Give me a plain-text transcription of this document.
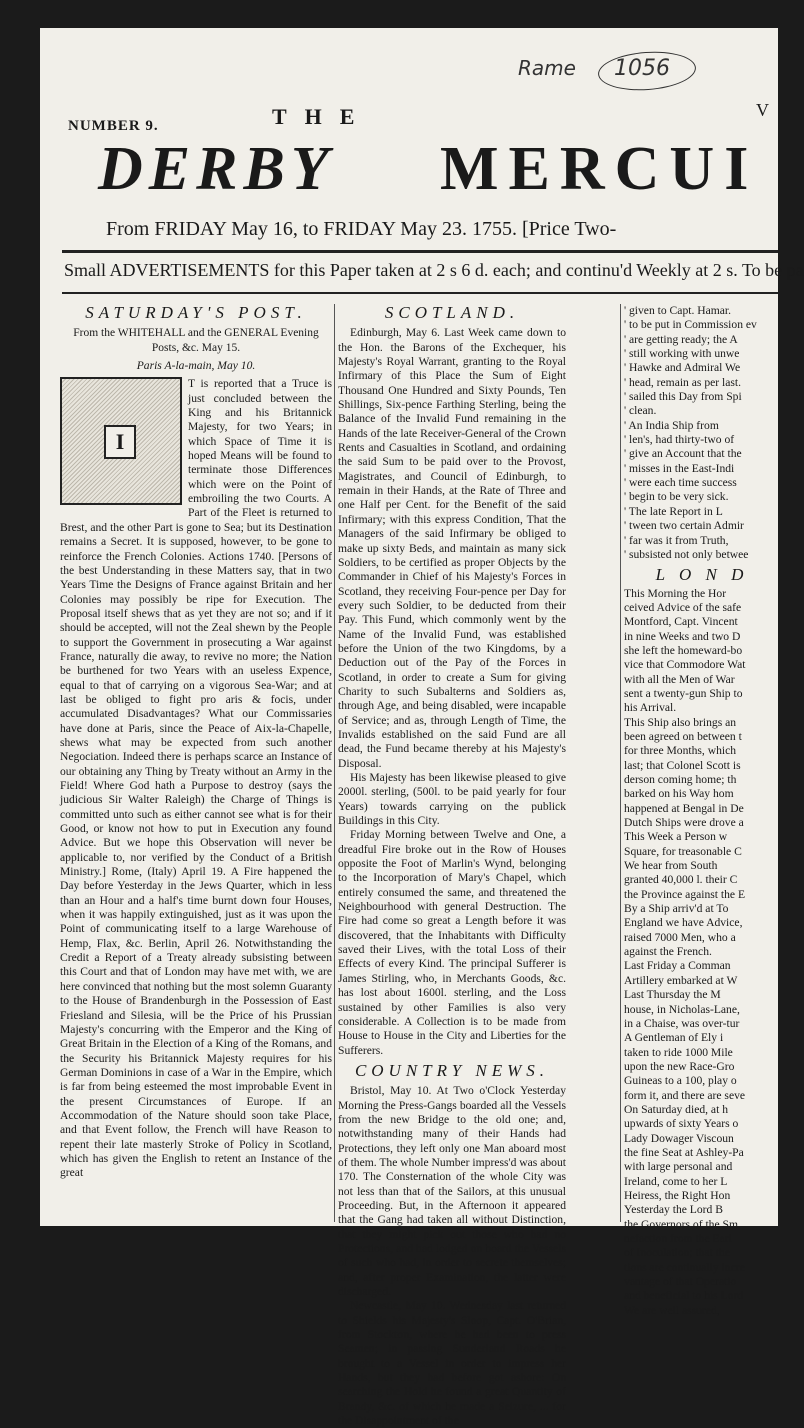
Rame 1056
NUMBER 9.	THE	V
DERBY MERCUI
From FRIDAY May 16, to FRIDAY May 23. 1755. [Price Two-
Small ADVERTISEMENTS for this Paper taken at 2 s 6 d. each; and continu'd Weekly at 2 s. To be pa
SATURDAY'S POST.
From the WHITEHALL and the GENERAL Evening Posts, &c. May 15.
Paris A-la-main, May 10.
I

T is reported that a Truce is just concluded between the King and his Britannick Majesty, for two Years; in which Space of Time it is hoped Means will be found to terminate those Differences which were on the Point of embroiling the two Courts. A Part of the Fleet is returned to Brest, and the other Part is gone to Sea; but its Destination remains a Secret. It is supposed, however, to be gone to reinforce the French Colonies. Actions 1740. [Persons of the best Understanding in these Matters say, that in two Years Time the Designs of France against Britain and her Colonies may possibly be ripe for Execution. The Proposal itself shews that as yet they are not so; and if it should be accepted, will not the Zeal shewn by the People to support the Government in prosecuting a War against France, naturally die away, to revive no more; the Nation be burthened for two Years with an useless Expence, equal to that of carrying on a vigorous Sea-War; and at last be obliged to fight pro aris & focis, under accumulated Disadvantages? What our Commissaries have done at Paris, since the Peace of Aix-la-Chapelle, shews what may be expected from such another Negociation. Indeed there is perhaps scarce an Instance of our obtaining any Thing by Treaty without an Army in the Field! Where God hath a Purpose to destroy (says the judicious Sir Walter Raleigh) the Charge of Things is committed unto such as either cannot see what is for their Good, or know not how to put in Execution any found Advice. But we hope this Observation will never be applicable to, nor verified by the Conduct of a British Ministry.] Rome, (Italy) April 19. A Fire happened the Day before Yesterday in the Jews Quarter, which in less than an Hour and a half's time burnt down four Houses, when it was happily extinguished, just as it was upon the Point of communicating itself to a large Warehouse of Hemp, Flax, &c. Berlin, April 26. Notwithstanding the Credit a Report of a Treaty already subsisting between this Court and that of London may have met with, we are here convinced that nothing but the most solemn Guaranty to the House of Brandenburgh in the Possession of East Friesland and Silesia, will be the Price of his Prussian Majesty's concurring with the Emperor and the King of Great Britain in the Election of a King of the Romans, and the Security his Britannick Majesty requires for his German Dominions in case of a War in the Empire, which is far from being esteemed the most improbable Event in the present Circumstances of Europe. If an Accommodation of the Nature should soon take Place, and that Event follow, the French will have Reason to repent their late masterly Stroke of Policy in Scotland, which has given the English to retent an Instance of the great

SCOTLAND.

Edinburgh, May 6. Last Week came down to the Hon. the Barons of the Exchequer, his Majesty's Royal Warrant, granting to the Royal Infirmary of this Place the Sum of Eight Thousand One Hundred and Sixty Pounds, Ten Shillings, Six-pence Farthing Sterling, being the Balance of the Invalid Fund remaining in the Hands of the late Receiver-General of the Crown Rents and Casualties in Scotland, and ordaining the said Sum to be paid over to the Provost, Magistrates, and Council of Edinburgh, to remain in their Hands, at the Rate of Three and one Half per Cent. for the Benefit of the said Infirmary; with this express Condition, That the Managers of the said Infirmary be obliged to make up sixty Beds, and maintain as many sick Soldiers, to be certified as proper Objects by the Commander in Chief of his Majesty's Forces in Scotland, they receiving Four-pence per Day for every such Soldier, to be deducted from their Pay. This Fund, which commonly went by the Name of the Invalid Fund, was established before the Union of the two Kingdoms, by a Deduction out of the Pay of the Forces in Scotland, in order to create a Sum for giving Charity to such Subalterns and Soldiers as, through Age, and being disabled, were incapable of Service; and as, through Length of Time, the Invalids established on the said Fund are all dead, the Fund became thereby at his Majesty's Disposal.

His Majesty has been likewise pleased to give 2000l. sterling, (500l. to be paid yearly for four Years) towards carrying on the publick Buildings in this City.

Friday Morning between Twelve and One, a dreadful Fire broke out in the Row of Houses opposite the Foot of Marlin's Wynd, belonging to the Incorporation of Mary's Chapel, which entirely consumed the same, and threatened the Neighbourhood with general Destruction. The Fire had come so great a Length before it was discovered, that the Inhabitants with Difficulty saved their Lives, with the total Loss of their Effects of every Kind. The principal Sufferer is James Stirling, who, in Merchants Goods, &c. has lost about 1600l. sterling, and the Loss sustained by other Families is also very considerable. A Collection is to be made from House to House in the City and Liberties for the Sufferers.

COUNTRY NEWS.

Bristol, May 10. At Two o'Clock Yesterday Morning the Press-Gangs boarded all the Vessels from the new Bridge to the old one; and, notwithstanding many of their Hands had Protections, they left only one Man aboard most of them. The whole Number impress'd was about 170. The Consternation of the whole City was not less than that of the Sailors, at this unusual Proceeding. But, in the Afternoon it appeared that the Gang had taken all without Distinction, that they might pick out those who had no Protections, and had lodged on board the Vessels of such who had, in order to secrete themselves; and, after proper Examination, the latter were discharged.

Newcastle, May 10. Wednesday last returned to Shields his Majesty's Sloop, Capt. O'Brian, from Stockton, where he had been to press Seamen; in passing Sunderland Roads he brought to a Vessel in order to impress her Hands, but they had before got ashore: On searching the Hold he found a great Quantity of Brandy, &c. of which he made a Seizure, ... for the Disappointment of the

' given to Capt. Hamar.
' to be put in Commission ev
' are getting ready; the A
' still working with unwe
' Hawke and Admiral We
' head, remain as per last.
' sailed this Day from Spi
' clean.
' An India Ship from
' len's, had thirty-two of
' give an Account that the
' misses in the East-Indi
' were each time success
' begin to be very sick.
' The late Report in L
' tween two certain Admir
' far was it from Truth,
' subsisted not only betwee
L O N D
This Morning the Hor
ceived Advice of the safe
Montford, Capt. Vincent
in nine Weeks and two D
she left the homeward-bo
vice that Commodore Wat
with all the Men of War
sent a twenty-gun Ship to
his Arrival.
This Ship also brings an
been agreed on between t
for three Months, which
last; that Colonel Scott is
derson coming home; th
barked on his Way hom
happened at Bengal in De
Dutch Ships were drove a
This Week a Person w
Square, for treasonable C
We hear from South
granted 40,000 l. their C
the Province against the E
By a Ship arriv'd at To
England we have Advice,
raised 7000 Men, who a
against the French.
Last Friday a Comman
Artillery embarked at W
Last Thursday the M
house, in Nicholas-Lane,
in a Chaise, was over-tur
A Gentleman of Ely i
taken to ride 1000 Mile
upon the new Race-Gro
Guineas to a 100, play o
form it, and there are seve
On Saturday died, at h
upwards of sixty Years o
Lady Dowager Viscoun
the fine Seat at Ashley-Pa
with large personal and
Ireland, come to her L
Heiress, the Right Hon
Yesterday the Lord B
the Governors of the Sm
nefaction from the Earl
of Inoculation; that the
tions are continually incre
vantage of that Operatio
and beneficial to his Lord
We are well assured,
